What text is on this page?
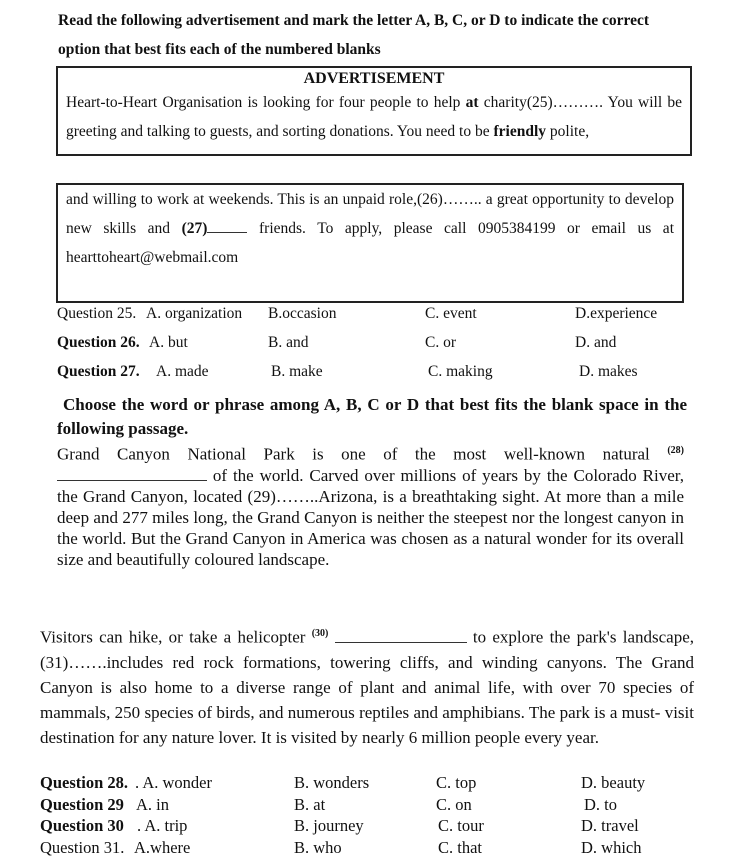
Read the following advertisement and mark the letter A, B, C, or D to indicate the correct
option that best fits each of the numbered blanks
ADVERTISEMENT
Heart-to-Heart Organisation is looking for four people to help at charity(25)………. You will be greeting and talking to guests, and sorting donations. You need to be friendly polite,
and willing to work at weekends. This is an unpaid role,(26)…….. a great opportunity to develop new skills and (27)	friends. To apply, please call 0905384199 or email us at hearttoheart@webmail.com
Question 25. A. organization B.occasion	C. event	D.experience
Question 26. A. but	B. and	C. or	D. and
Question 27. A. made	B. make	C. making	D. makes
Choose the word or phrase among A, B, C or D that best fits the blank space in the following passage.
Grand Canyon National Park is one of the most well-known natural $^{(28)}$ of the world. Carved over millions of years by the Colorado River, the Grand Canyon, located (29)……..Arizona, is a breathtaking sight. At more than a mile deep and 277 miles long, the Grand Canyon is neither the steepest nor the longest canyon in the world. But the Grand Canyon in America was chosen as a natural wonder for its overall size and beautifully coloured landscape.
Visitors can hike, or take a helicopter $^{(30)}$	to explore the park's landscape, (31)…….includes red rock formations, towering cliffs, and winding canyons. The Grand Canyon is also home to a diverse range of plant and animal life, with over 70 species of mammals, 250 species of birds, and numerous reptiles and amphibians. The park is a must- visit destination for any nature lover. It is visited by nearly 6 million people every year.
Question 28. . A. wonder	B. wonders	C. top	D. beauty
Question 29 A. in	B. at	C. on	D. to
Question 30 . A. trip	B. journey	C. tour	D. travel
Question 31. A.where	B. who	C. that	D. which
